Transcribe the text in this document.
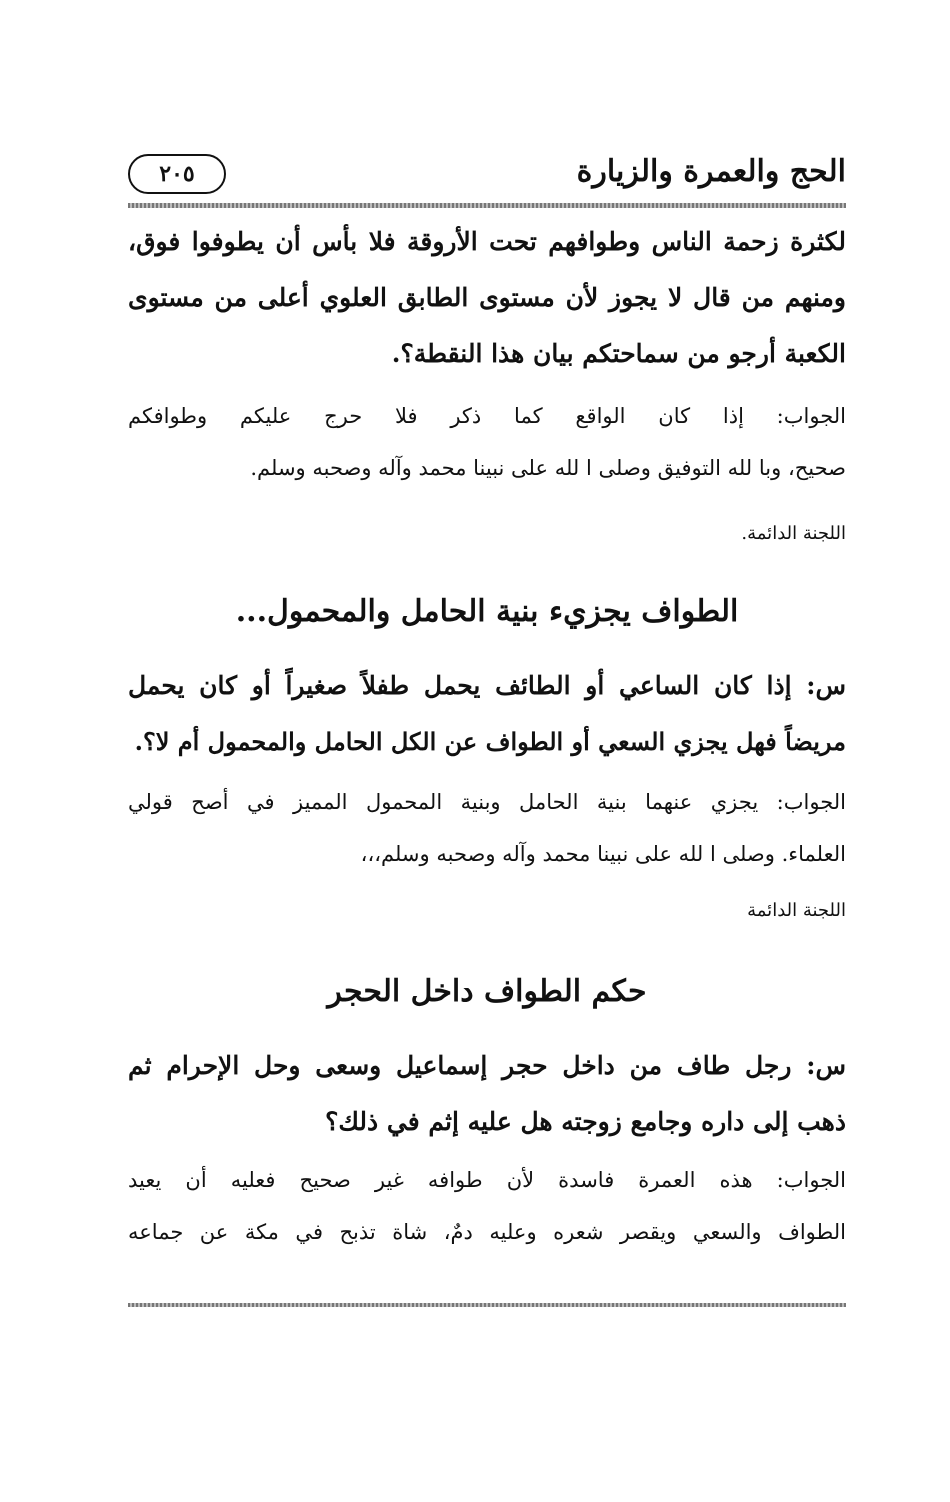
الحج والعمرة والزيارة
٢٠٥
لكثرة زحمة الناس وطوافهم تحت الأروقة فلا بأس أن يطوفوا فوق،
ومنهم من قال لا يجوز لأن مستوى الطابق العلوي أعلى من مستوى
الكعبة أرجو من سماحتكم بيان هذا النقطة؟.
الجواب: إذا كان الواقع كما ذكر فلا حرج عليكم وطوافكم
صحيح، وبا لله التوفيق وصلى ا لله على نبينا محمد وآله وصحبه وسلم.
اللجنة الدائمة.
الطواف يجزيء بنية الحامل والمحمول...
س: إذا كان الساعي أو الطائف يحمل طفلاً صغيراً أو كان يحمل
مريضاً فهل يجزي السعي أو الطواف عن الكل الحامل والمحمول أم لا؟.
الجواب: يجزي عنهما بنية الحامل وبنية المحمول المميز في أصح قولي
العلماء. وصلى ا لله على نبينا محمد وآله وصحبه وسلم،،،
اللجنة الدائمة
حكم الطواف داخل الحجر
س: رجل طاف من داخل حجر إسماعيل وسعى وحل الإحرام ثم
ذهب إلى داره وجامع زوجته هل عليه إثم في ذلك؟
الجواب: هذه العمرة فاسدة لأن طوافه غير صحيح فعليه أن يعيد
الطواف والسعي ويقصر شعره وعليه دمٌ، شاة تذبح في مكة عن جماعه
